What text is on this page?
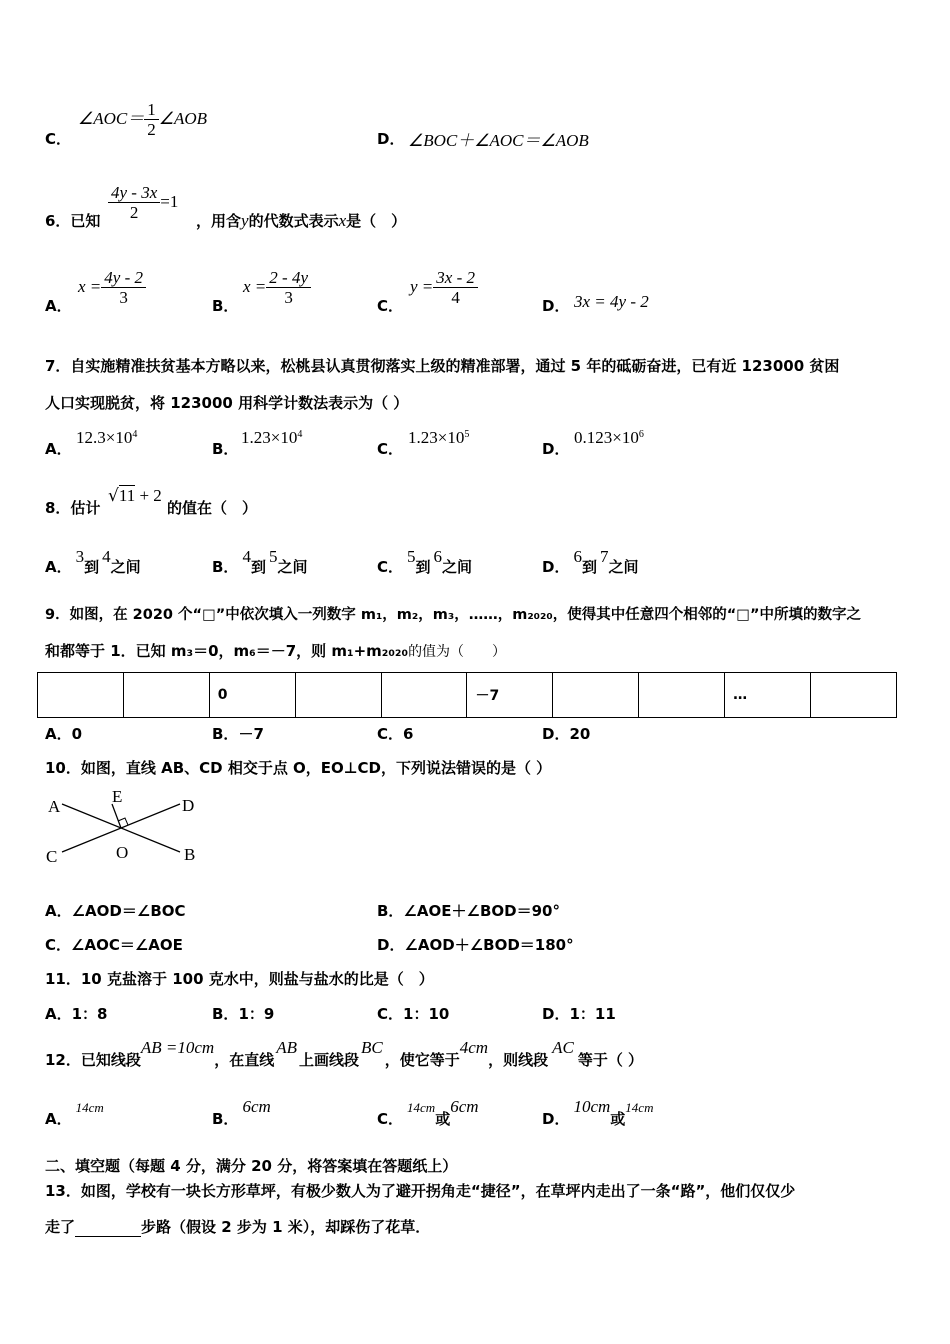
C．
∠AOC＝ $\frac{1}{2}$ ∠AOB
D． ∠BOC＋∠AOC＝∠AOB
6．已知 $\frac{4y - 3x}{2} =1$
，用含y的代数式表示x是（　）
A．
$x = \frac{4y - 2}{3}$	B．
$x = \frac{2 - 4y}{3}$	C．
$y = \frac{3x - 2}{4}$	D． 3x = 4y - 2
7．自实施精准扶贫基本方略以来，松桃县认真贯彻落实上级的精准部署，通过 5 年的砥砺奋进，已有近 123000 贫困
人口实现脱贫，将 123000 用科学计数法表示为（ ）
A．
$12.3\times 10^4$
B．
$1.23\times 10^4$
C．
$1.23\times 10^5$
D．
$0.123\times 10^6$
8．估计
√11 + 2
的值在（　）
A．3到4之间	B．4到5之间	C．5到6之间	D．6到7之间
9．如图，在 2020 个“□”中依次填入一列数字 m₁，m₂，m₃，……，m₂₀₂₀，使得其中任意四个相邻的“□”中所填的数字之
和都等于 1．已知 m₃＝0，m₆＝－7，则 m₁+m₂₀₂₀的值为（　　）
		0			－7			…	
A．0	B．－7	C．6	D．20
10．如图，直线 AB、CD 相交于点 O，EO⊥CD，下列说法错误的是（ ）
A	D
C	B
E
O
A．∠AOD＝∠BOC	B．∠AOE＋∠BOD＝90°
C．∠AOC＝∠AOE	D．∠AOD＋∠BOD＝180°
11．10 克盐溶于 100 克水中，则盐与盐水的比是（　）
A．1：8	B．1：9	C．1：10	D．1：11
12．已知线段AB =10cm，在直线AB上画线段BC，使它等于4cm，则线段AC等于（ ）
A．14cm
B．6cm
C．14cm或6cm
D．10cm或14cm
二、填空题（每题 4 分，满分 20 分，将答案填在答题纸上）
13．如图，学校有一块长方形草坪，有极少数人为了避开拐角走“捷径”，在草坪内走出了一条“路”，他们仅仅少
走了	步路（假设 2 步为 1 米），却踩伤了花草．
